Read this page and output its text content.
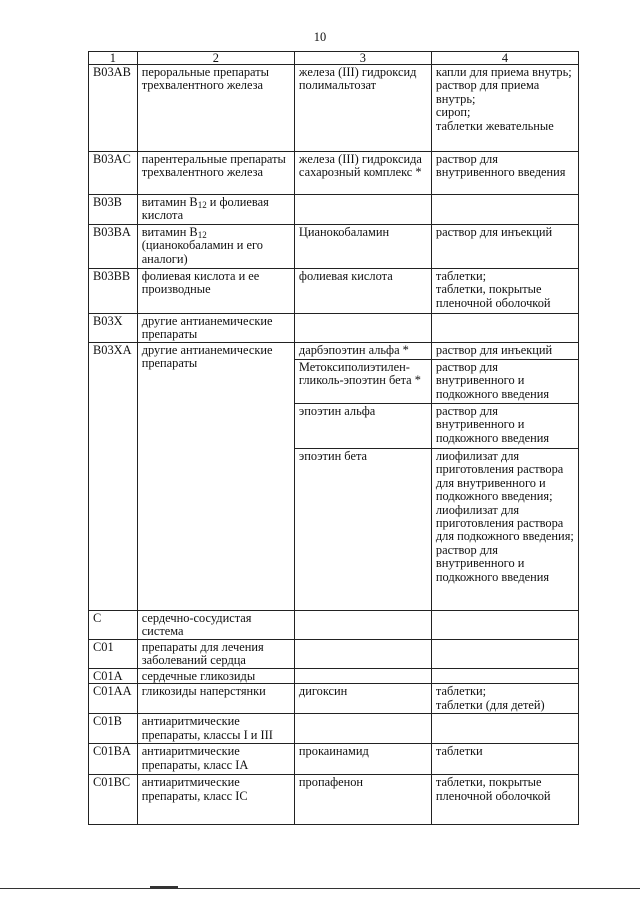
10
1	2	3	4
B03AB	пероральные препараты трехвалентного железа	железа (III) гидроксид полимальтозат	капли для приема внутрь;
раствор для приема внутрь;
сироп;
таблетки жевательные
B03AC	парентеральные препараты трехвалентного железа	железа (III) гидроксида сахарозный комплекс *	раствор для внутривенного введения
B03B	витамин $B_{12}$ и фолиевая кислота		
B03BA	витамин $B_{12}$
(цианокобаламин и его аналоги)	Цианокобаламин	раствор для инъекций
B03BB	фолиевая кислота и ее производные	фолиевая кислота	таблетки;
таблетки, покрытые пленочной оболочкой
B03X	другие антианемические препараты		
B03XA	другие антианемические препараты	дарбэпоэтин альфа *	раствор для инъекций
		Метоксиполиэтилен-гликоль-эпоэтин бета *	раствор для внутривенного и подкожного введения
		эпоэтин альфа	раствор для внутривенного и подкожного введения
		эпоэтин бета	лиофилизат для приготовления раствора для внутривенного и подкожного введения;
лиофилизат для приготовления раствора для подкожного введения;
раствор для внутривенного и подкожного введения
C	сердечно-сосудистая система		
C01	препараты для лечения заболеваний сердца		
C01A	сердечные гликозиды		
C01AA	гликозиды наперстянки	дигоксин	таблетки;
таблетки (для детей)
C01B	антиаритмические препараты, классы I и III		
C01BA	антиаритмические препараты, класс IA	прокаинамид	таблетки
C01BC	антиаритмические препараты, класс IC	пропафенон	таблетки, покрытые пленочной оболочкой
